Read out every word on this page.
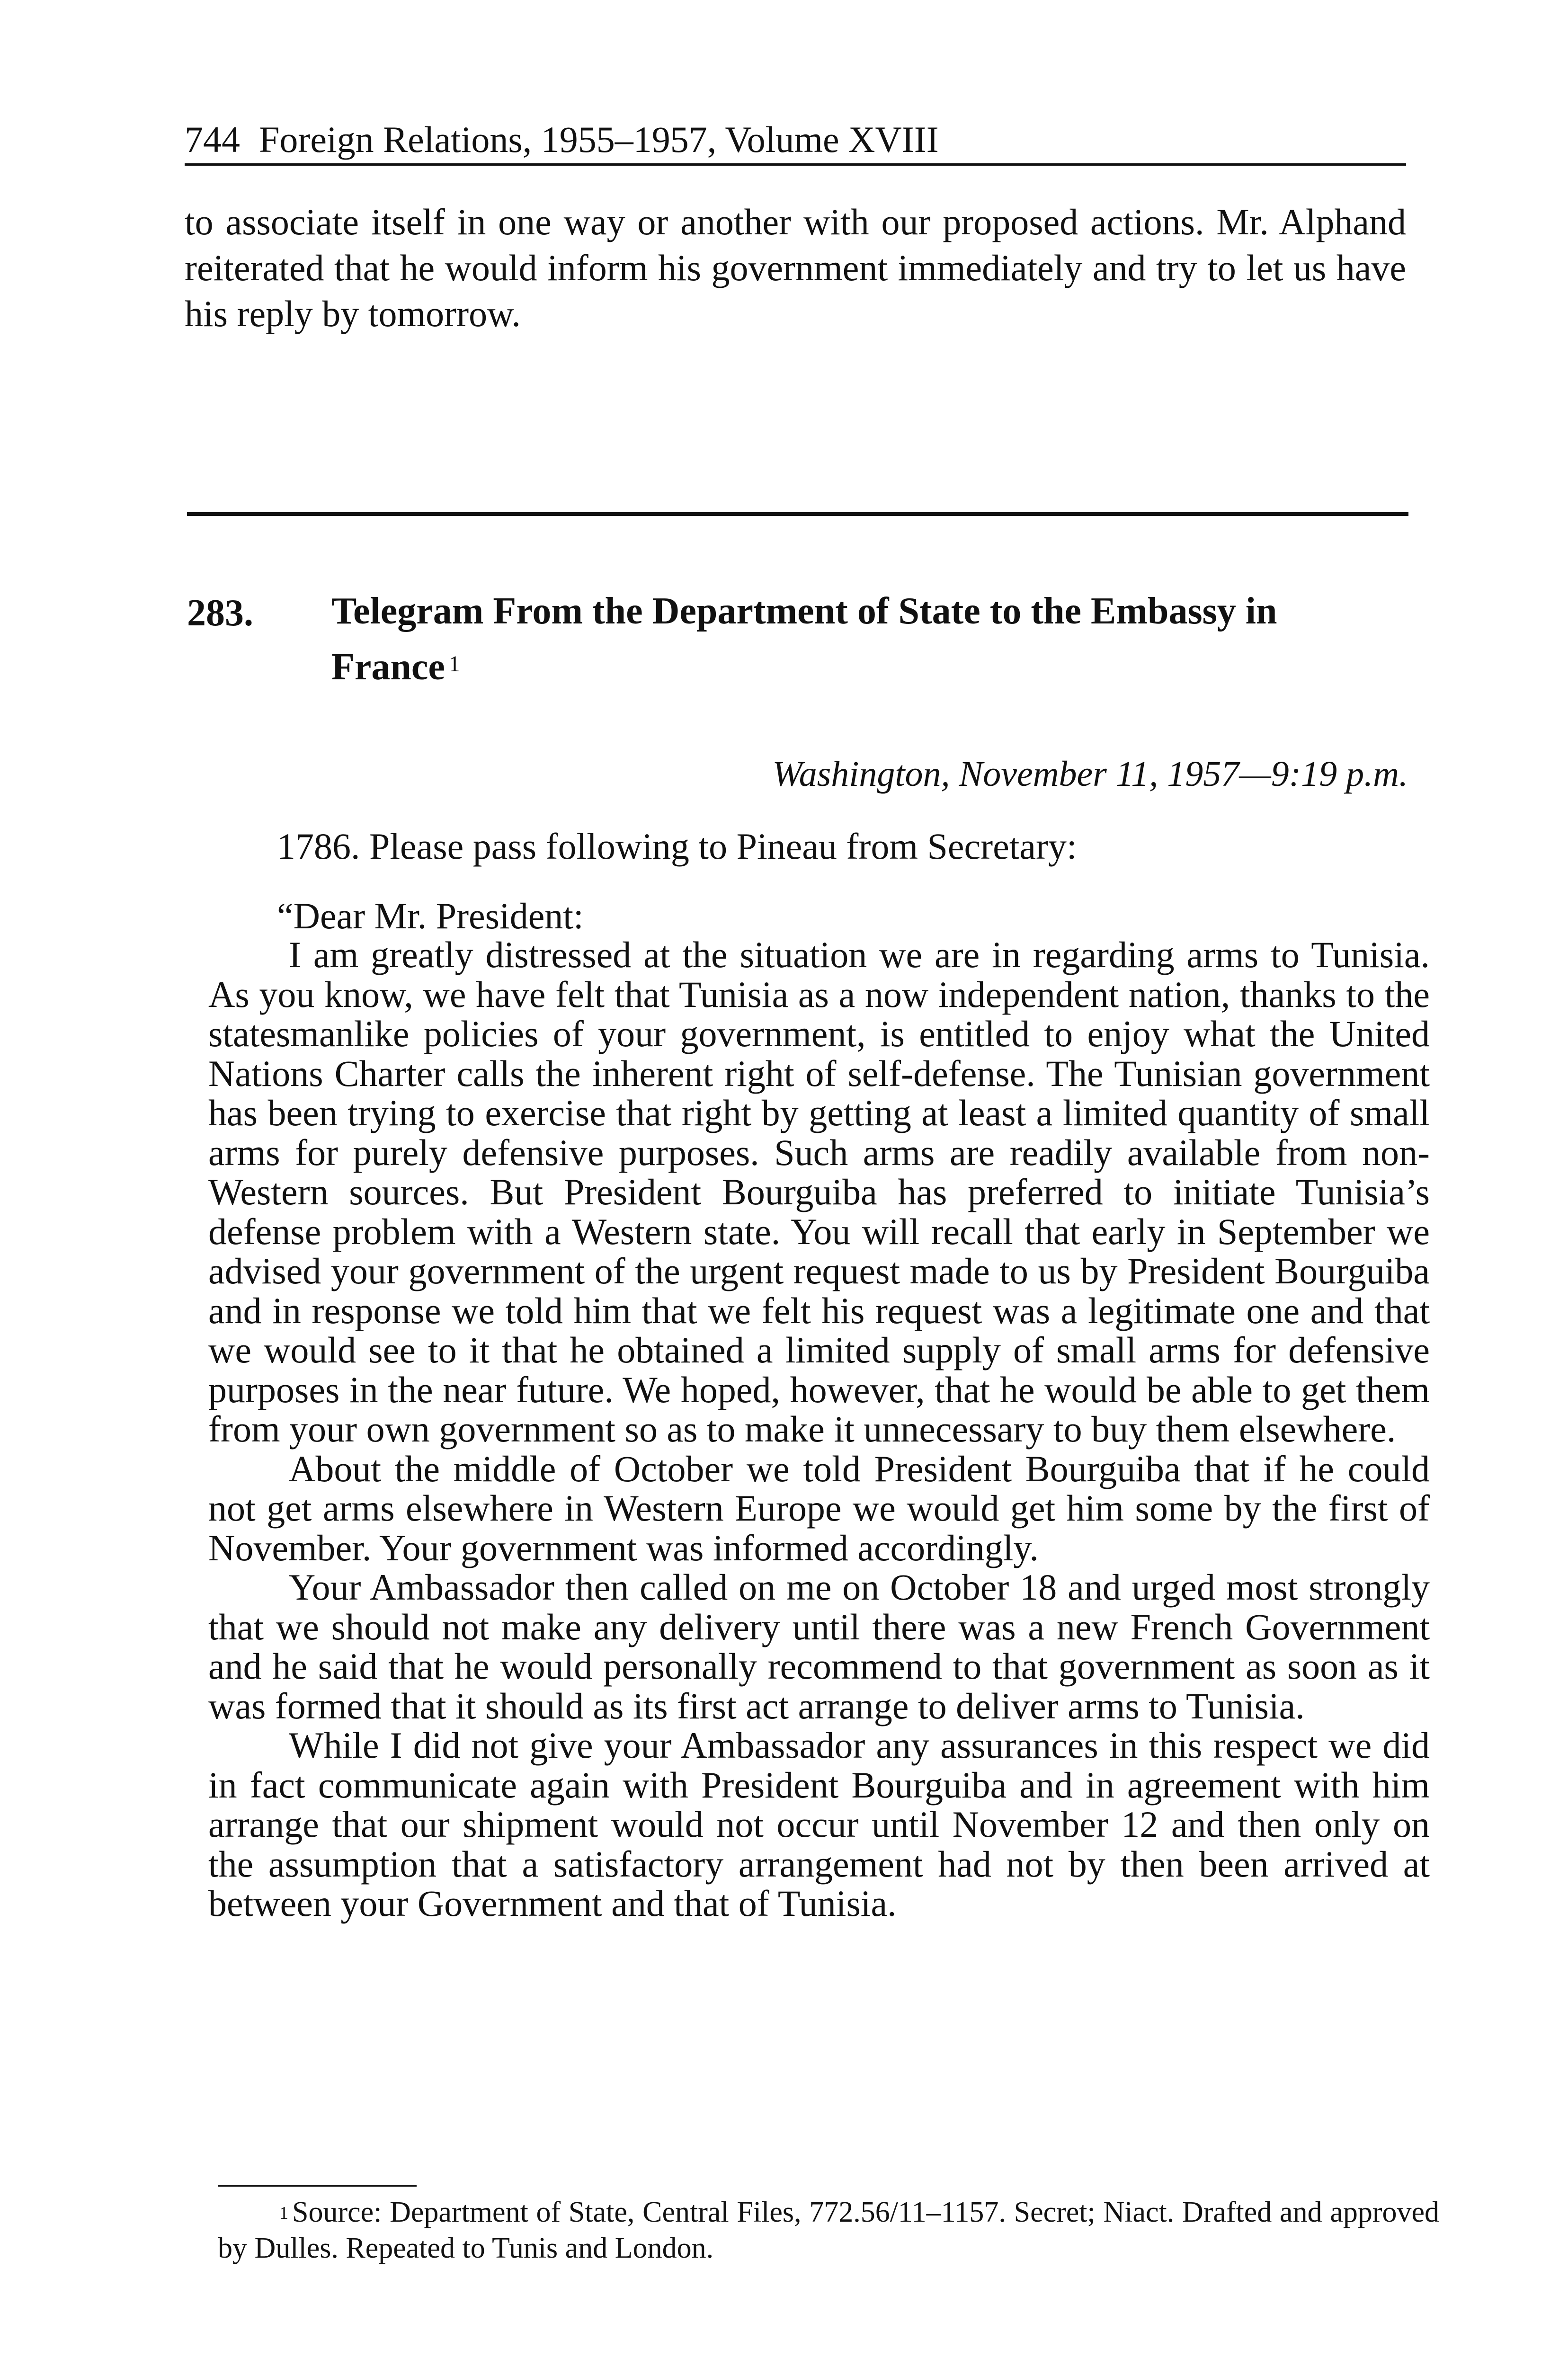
744 Foreign Relations, 1955–1957, Volume XVIII
to associate itself in one way or another with our proposed actions. Mr. Alphand reiterated that he would inform his government immediately and try to let us have his reply by tomorrow.
283. Telegram From the Department of State to the Embassy in France $^1$
Washington, November 11, 1957—9:19 p.m.
1786. Please pass following to Pineau from Secretary:
“Dear Mr. President:

I am greatly distressed at the situation we are in regarding arms to Tunisia. As you know, we have felt that Tunisia as a now independent nation, thanks to the statesmanlike policies of your government, is entitled to enjoy what the United Nations Charter calls the inherent right of self-defense. The Tunisian government has been trying to exercise that right by getting at least a limited quantity of small arms for purely defensive purposes. Such arms are readily available from non-Western sources. But President Bourguiba has preferred to initiate Tunisia’s defense problem with a Western state. You will recall that early in September we advised your government of the urgent request made to us by President Bourguiba and in response we told him that we felt his request was a legitimate one and that we would see to it that he obtained a limited supply of small arms for defensive purposes in the near future. We hoped, however, that he would be able to get them from your own government so as to make it unnecessary to buy them elsewhere.

About the middle of October we told President Bourguiba that if he could not get arms elsewhere in Western Europe we would get him some by the first of November. Your government was informed accordingly.

Your Ambassador then called on me on October 18 and urged most strongly that we should not make any delivery until there was a new French Government and he said that he would personally recommend to that government as soon as it was formed that it should as its first act arrange to deliver arms to Tunisia.

While I did not give your Ambassador any assurances in this respect we did in fact communicate again with President Bourguiba and in agreement with him arrange that our shipment would not occur until November 12 and then only on the assumption that a satisfactory arrangement had not by then been arrived at between your Government and that of Tunisia.

$^1$ Source: Department of State, Central Files, 772.56/11–1157. Secret; Niact. Drafted and approved by Dulles. Repeated to Tunis and London.
